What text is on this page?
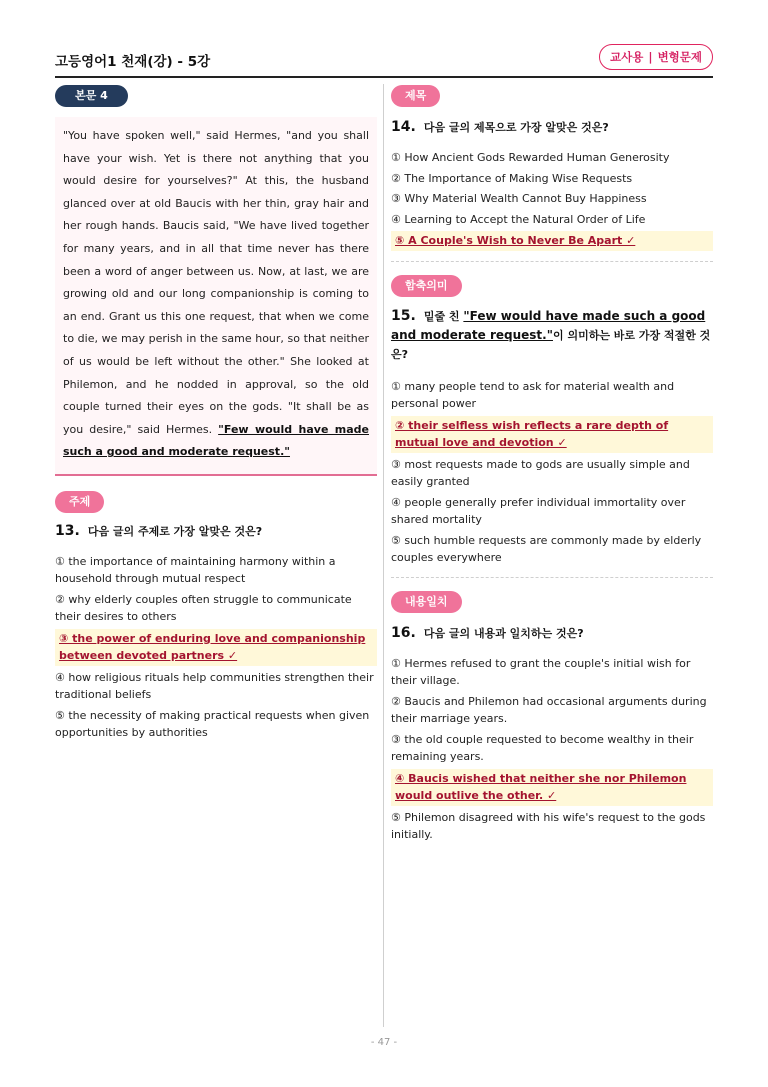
고등영어1 천재(강) - 5강	교사용 | 변형문제
본문 4
"You have spoken well," said Hermes, "and you shall have your wish. Yet is there not anything that you would desire for yourselves?" At this, the husband glanced over at old Baucis with her thin, gray hair and her rough hands. Baucis said, "We have lived together for many years, and in all that time never has there been a word of anger between us. Now, at last, we are growing old and our long companionship is coming to an end. Grant us this one request, that when we come to die, we may perish in the same hour, so that neither of us would be left without the other." She looked at Philemon, and he nodded in approval, so the old couple turned their eyes on the gods. "It shall be as you desire," said Hermes. "Few would have made such a good and moderate request."
주제
13. 다음 글의 주제로 가장 알맞은 것은?
① the importance of maintaining harmony within a household through mutual respect
② why elderly couples often struggle to communicate their desires to others
③ the power of enduring love and companionship between devoted partners ✓
④ how religious rituals help communities strengthen their traditional beliefs
⑤ the necessity of making practical requests when given opportunities by authorities
제목
14. 다음 글의 제목으로 가장 알맞은 것은?
① How Ancient Gods Rewarded Human Generosity
② The Importance of Making Wise Requests
③ Why Material Wealth Cannot Buy Happiness
④ Learning to Accept the Natural Order of Life
⑤ A Couple's Wish to Never Be Apart ✓
함축의미
15. 밑줄 친 "Few would have made such a good and moderate request."이 의미하는 바로 가장 적절한 것은?
① many people tend to ask for material wealth and personal power
② their selfless wish reflects a rare depth of mutual love and devotion ✓
③ most requests made to gods are usually simple and easily granted
④ people generally prefer individual immortality over shared mortality
⑤ such humble requests are commonly made by elderly couples everywhere
내용일치
16. 다음 글의 내용과 일치하는 것은?
① Hermes refused to grant the couple's initial wish for their village.
② Baucis and Philemon had occasional arguments during their marriage years.
③ the old couple requested to become wealthy in their remaining years.
④ Baucis wished that neither she nor Philemon would outlive the other. ✓
⑤ Philemon disagreed with his wife's request to the gods initially.
- 47 -
